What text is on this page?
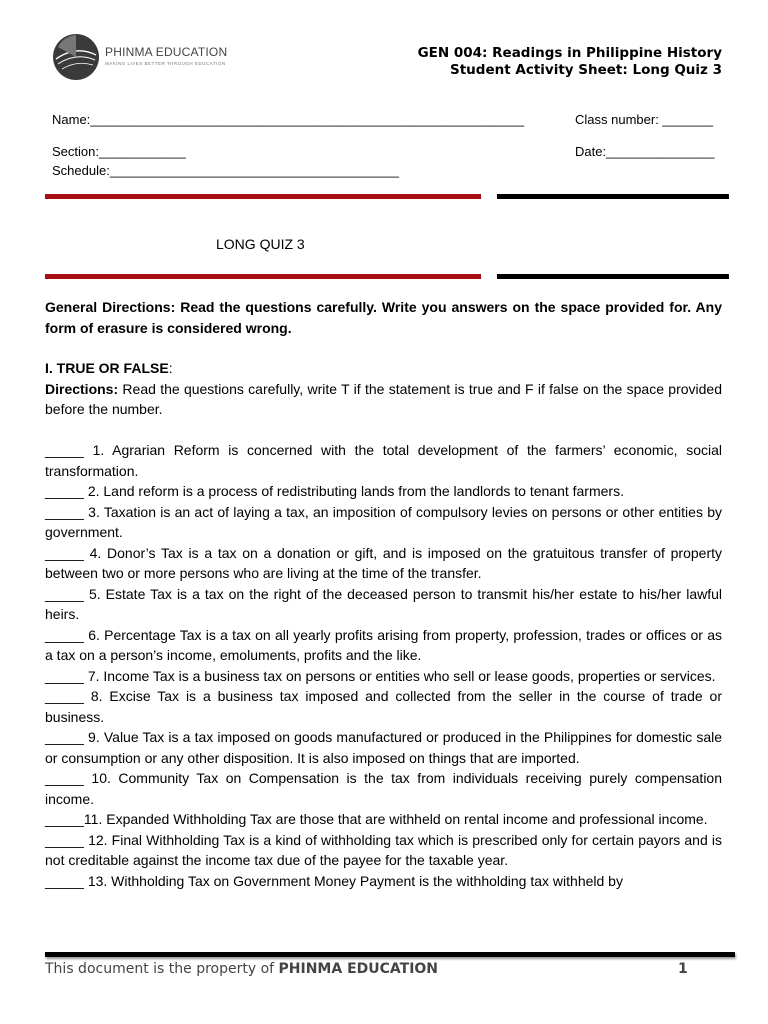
PHINMA EDUCATION
MAKING LIVES BETTER THROUGH EDUCATION
GEN 004: Readings in Philippine History
Student Activity Sheet: Long Quiz 3
Name:____________________________________________________________	Class number: _______
Section:____________	Date:_______________
Schedule:________________________________________
LONG QUIZ 3
General Directions: Read the questions carefully. Write you answers on the space provided for. Any form of erasure is considered wrong.
I. TRUE OR FALSE:
Directions: Read the questions carefully, write T if the statement is true and F if false on the space provided before the number.

_____ 1. Agrarian Reform is concerned with the total development of the farmers’ economic, social transformation.

_____ 2. Land reform is a process of redistributing lands from the landlords to tenant farmers.

_____ 3. Taxation is an act of laying a tax, an imposition of compulsory levies on persons or other entities by government.

_____ 4. Donor’s Tax is a tax on a donation or gift, and is imposed on the gratuitous transfer of property between two or more persons who are living at the time of the transfer.

_____ 5. Estate Tax is a tax on the right of the deceased person to transmit his/her estate to his/her lawful heirs.

_____ 6. Percentage Tax is a tax on all yearly profits arising from property, profession, trades or offices or as a tax on a person’s income, emoluments, profits and the like.

_____ 7. Income Tax is a business tax on persons or entities who sell or lease goods, properties or services.

_____ 8. Excise Tax is a business tax imposed and collected from the seller in the course of trade or business.

_____ 9. Value Tax is a tax imposed on goods manufactured or produced in the Philippines for domestic sale or consumption or any other disposition. It is also imposed on things that are imported.

_____ 10. Community Tax on Compensation is the tax from individuals receiving purely compensation income.

_____11. Expanded Withholding Tax are those that are withheld on rental income and professional income.

_____ 12. Final Withholding Tax is a kind of withholding tax which is prescribed only for certain payors and is not creditable against the income tax due of the payee for the taxable year.

_____ 13. Withholding Tax on Government Money Payment is the withholding tax withheld by

This document is the property of PHINMA EDUCATION	1
